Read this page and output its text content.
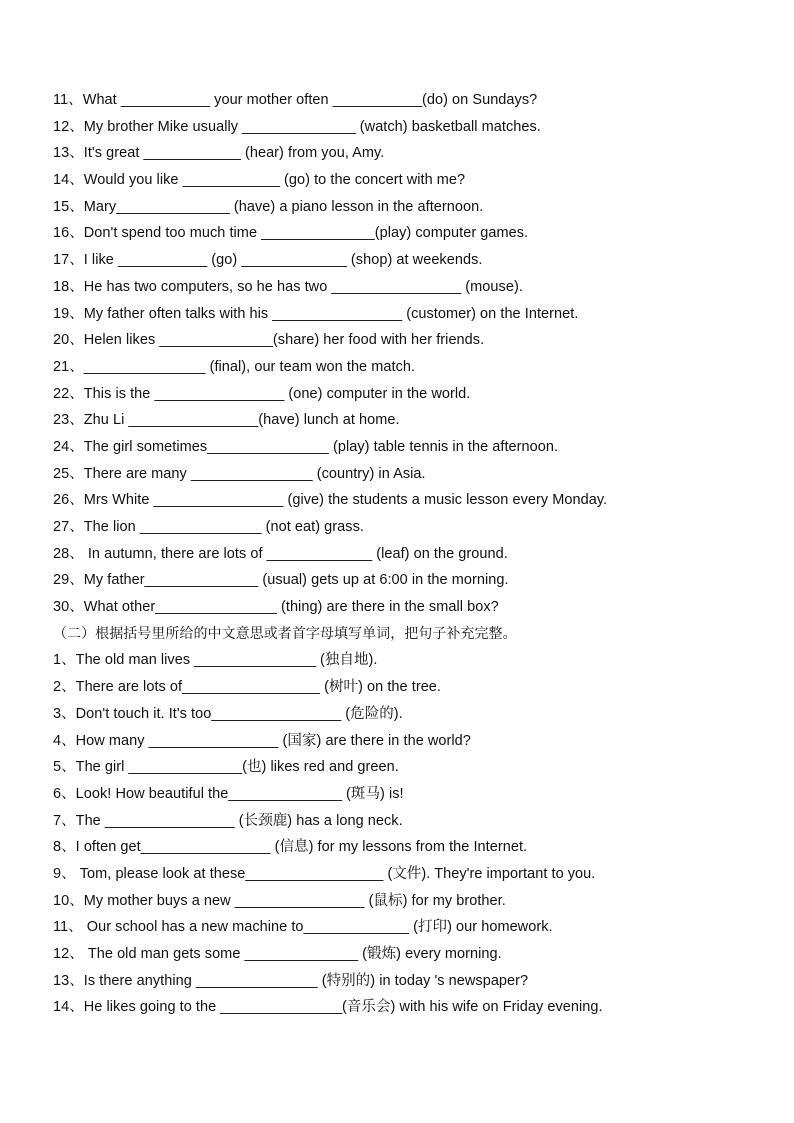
11、What ___________ your mother often ___________(do) on Sundays?
12、My brother Mike usually ______________ (watch) basketball matches.
13、It's great ____________ (hear) from you, Amy.
14、Would you like ____________ (go) to the concert with me?
15、Mary______________ (have) a piano lesson in the afternoon.
16、Don't spend too much time ______________(play) computer games.
17、I like ___________ (go) _____________ (shop) at weekends.
18、He has two computers, so he has two ________________ (mouse).
19、My father often talks with his ________________ (customer) on the Internet.
20、Helen likes ______________(share) her food with her friends.
21、_______________ (final), our team won the match.
22、This is the ________________ (one) computer in the world.
23、Zhu Li ________________(have) lunch at home.
24、The girl sometimes_______________ (play) table tennis in the afternoon.
25、There are many _______________ (country) in Asia.
26、Mrs White ________________ (give) the students a music lesson every Monday.
27、The lion _______________ (not eat) grass.
28、 In autumn, there are lots of _____________ (leaf) on the ground.
29、My father______________ (usual) gets up at 6:00 in the morning.
30、What other_______________ (thing) are there in the small box?
（二）根据括号里所给的中文意思或者首字母填写单词，把句子补充完整。
1、The old man lives _______________ (独自地).
2、There are lots of_________________ (树叶) on the tree.
3、Don't touch it. It's too________________ (危险的).
4、How many ________________ (国家) are there in the world?
5、The girl ______________(也) likes red and green.
6、Look! How beautiful the______________ (斑马) is!
7、The ________________ (长颈鹿) has a long neck.
8、I often get________________ (信息) for my lessons from the Internet.
9、 Tom, please look at these_________________ (文件). They're important to you.
10、My mother buys a new ________________ (鼠标) for my brother.
11、 Our school has a new machine to_____________ (打印) our homework.
12、 The old man gets some ______________ (锻炼) every morning.
13、Is there anything _______________ (特别的) in today 's newspaper?
14、He likes going to the _______________(音乐会) with his wife on Friday evening.
